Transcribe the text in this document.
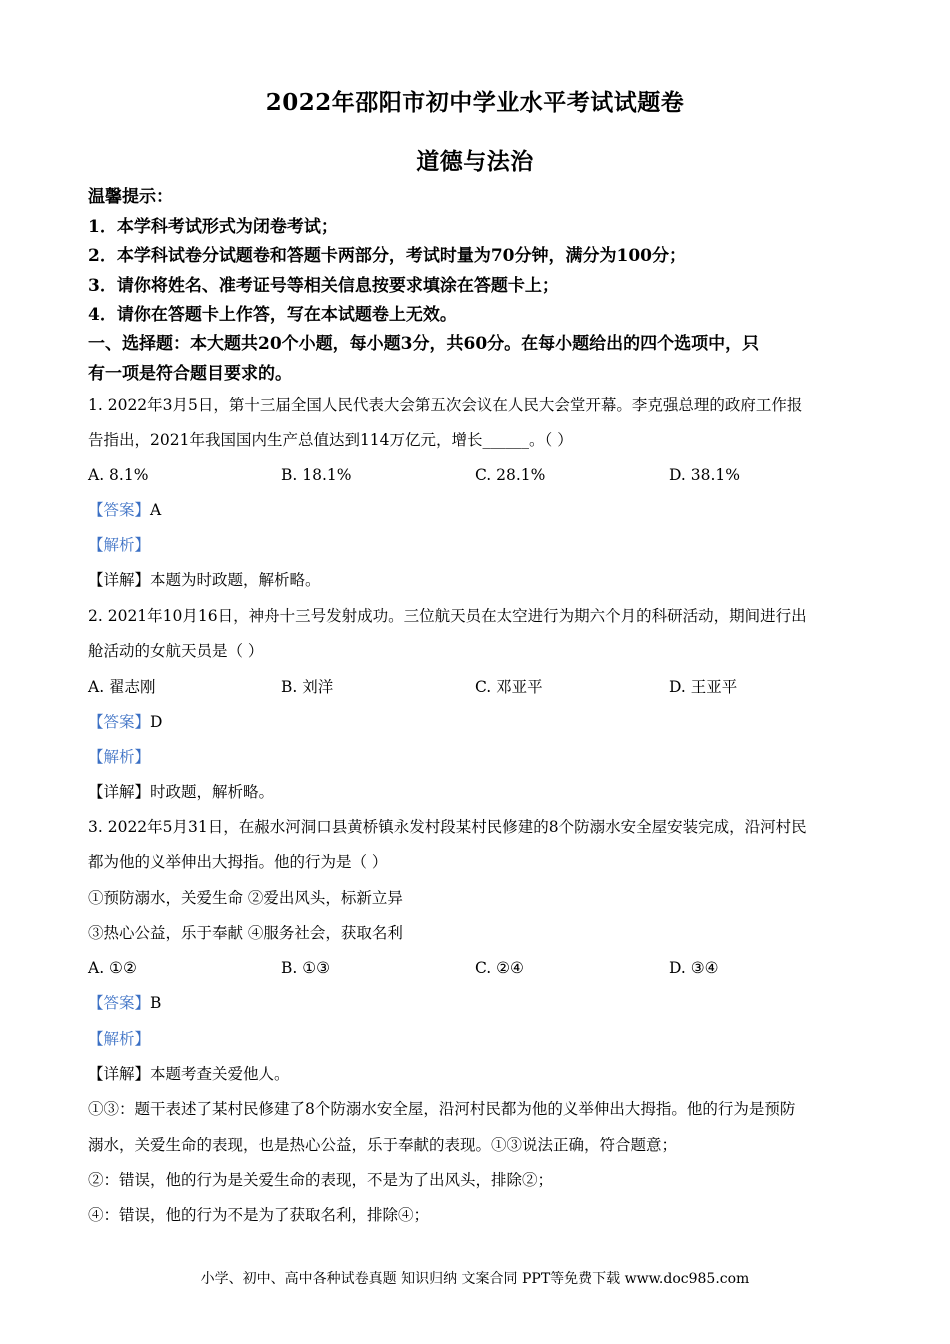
2022年邵阳市初中学业水平考试试题卷
道德与法治
温馨提示：
1．本学科考试形式为闭卷考试；
2．本学科试卷分试题卷和答题卡两部分，考试时量为70分钟，满分为100分；
3．请你将姓名、准考证号等相关信息按要求填涂在答题卡上；
4．请你在答题卡上作答，写在本试题卷上无效。
一、选择题：本大题共20个小题，每小题3分，共60分。在每小题给出的四个选项中，只
有一项是符合题目要求的。
1. 2022年3月5日，第十三届全国人民代表大会第五次会议在人民大会堂开幕。李克强总理的政府工作报
告指出，2021年我国国内生产总值达到114万亿元，增长______。（ ）
A. 8.1%	B. 18.1%	C. 28.1%	D. 38.1%
【答案】A
【解析】
【详解】本题为时政题，解析略。
2. 2021年10月16日，神舟十三号发射成功。三位航天员在太空进行为期六个月的科研活动，期间进行出
舱活动的女航天员是（ ）
A. 翟志刚	B. 刘洋	C. 邓亚平	D. 王亚平
【答案】D
【解析】
【详解】时政题，解析略。
3. 2022年5月31日，在赧水河洞口县黄桥镇永发村段某村民修建的8个防溺水安全屋安装完成，沿河村民
都为他的义举伸出大拇指。他的行为是（ ）
①预防溺水，关爱生命 ②爱出风头，标新立异
③热心公益，乐于奉献 ④服务社会，获取名利
A. ①②	B. ①③	C. ②④	D. ③④
【答案】B
【解析】
【详解】本题考查关爱他人。
①③：题干表述了某村民修建了8个防溺水安全屋，沿河村民都为他的义举伸出大拇指。他的行为是预防
溺水，关爱生命的表现，也是热心公益，乐于奉献的表现。①③说法正确，符合题意；
②：错误，他的行为是关爱生命的表现，不是为了出风头，排除②；
④：错误，他的行为不是为了获取名利，排除④；
小学、初中、高中各种试卷真题 知识归纳 文案合同 PPT等免费下载 www.doc985.com
